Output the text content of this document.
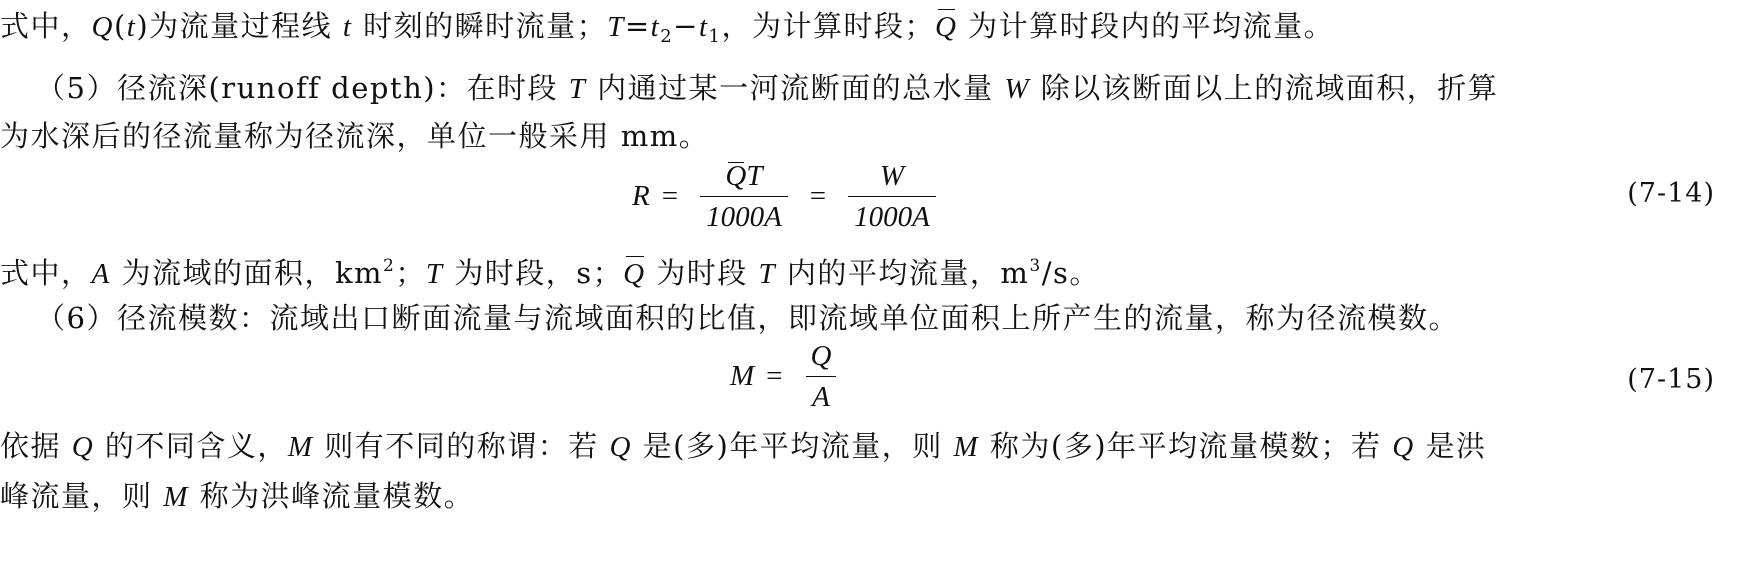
式中，Q(t)为流量过程线 t 时刻的瞬时流量；$T=t_2-t_1$，为计算时段；Q 为计算时段内的平均流量。
（5）径流深(runoff depth)：在时段 T 内通过某一河流断面的总水量 W 除以该断面以上的流域面积，折算
为水深后的径流量称为径流深，单位一般采用 mm。
$R = \frac{QT}{1000A} = \frac{W}{1000A}$	(7-14)
式中，A 为流域的面积，$km^2$；T 为时段，s；Q 为时段 T 内的平均流量，$m^3/s$。
（6）径流模数：流域出口断面流量与流域面积的比值，即流域单位面积上所产生的流量，称为径流模数。
$M = \frac{Q}{A}$	(7-15)
依据 Q 的不同含义，M 则有不同的称谓：若 Q 是(多)年平均流量，则 M 称为(多)年平均流量模数；若 Q 是洪
峰流量，则 M 称为洪峰流量模数。
